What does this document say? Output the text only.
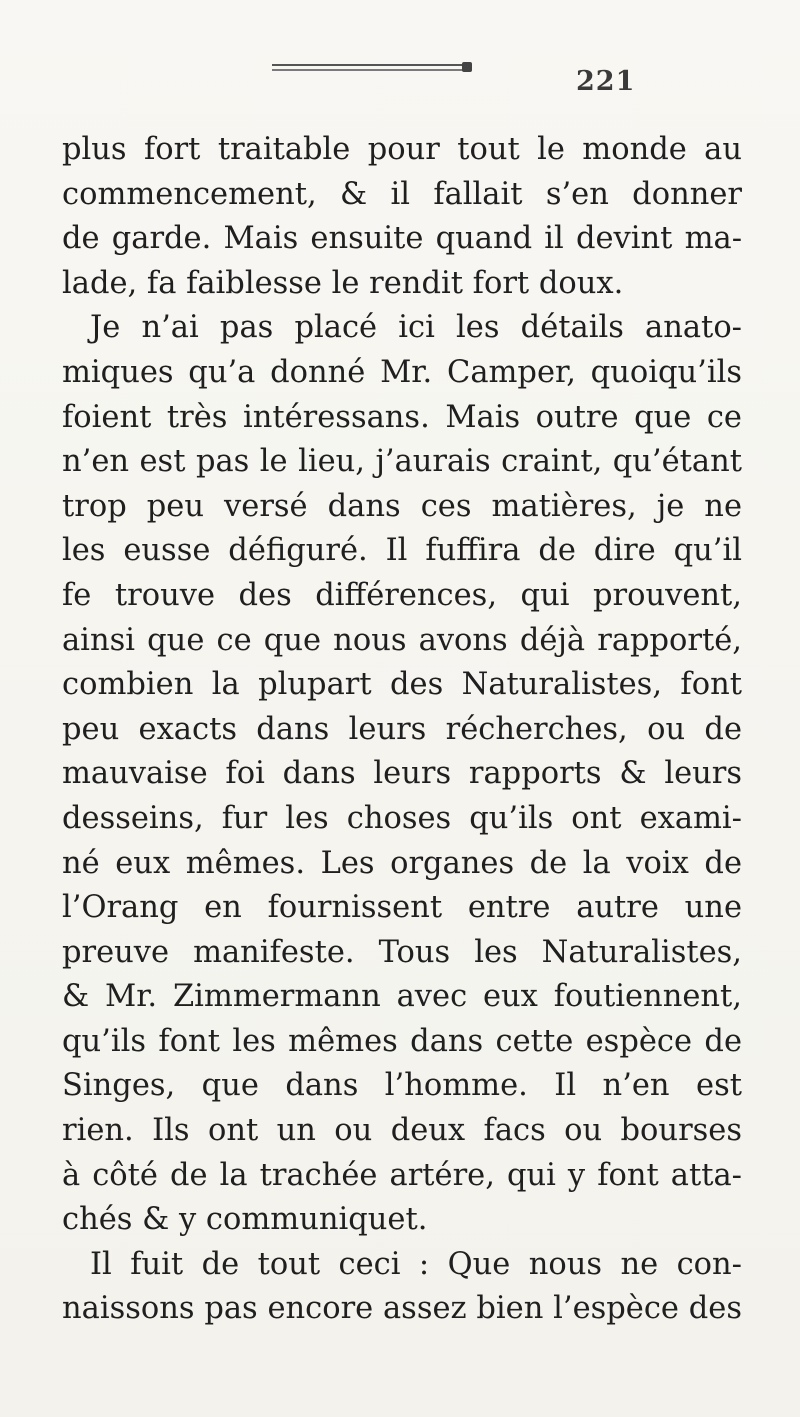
221
plus fort traitable pour tout le monde au
commencement, & il fallait s’en donner
de garde. Mais ensuite quand il devint ma-
lade, fa faiblesse le rendit fort doux.
Je n’ai pas placé ici les détails anato-
miques qu’a donné Mr. Camper, quoiqu’ils
foient très intéressans. Mais outre que ce
n’en est pas le lieu, j’aurais craint, qu’étant
trop peu versé dans ces matières, je ne
les eusse défiguré. Il fuffira de dire qu’il
fe trouve des différences, qui prouvent,
ainsi que ce que nous avons déjà rapporté,
combien la plupart des Naturalistes, font
peu exacts dans leurs récherches, ou de
mauvaise foi dans leurs rapports & leurs
desseins, fur les choses qu’ils ont exami-
né eux mêmes. Les organes de la voix de
l’Orang en fournissent entre autre une
preuve manifeste. Tous les Naturalistes,
& Mr. Zimmermann avec eux foutiennent,
qu’ils font les mêmes dans cette espèce de
Singes, que dans l’homme. Il n’en est
rien. Ils ont un ou deux facs ou bourses
à côté de la trachée artére, qui y font atta-
chés & y communiquet.
Il fuit de tout ceci : Que nous ne con-
naissons pas encore assez bien l’espèce des
